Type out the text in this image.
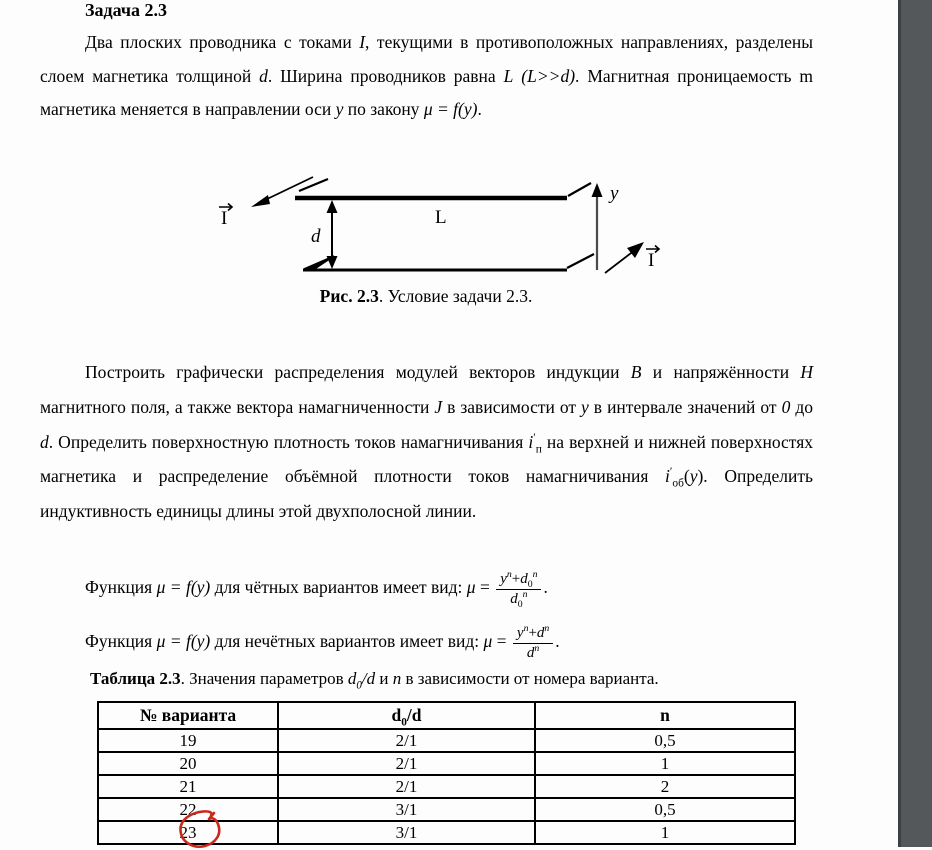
Задача 2.3
Два плоских проводника с токами I, текущими в противоположных направлениях, разделены слоем магнетика толщиной d. Ширина проводников равна L (L>>d). Магнитная проницаемость m магнетика меняется в направлении оси y по закону μ = f(y).
d
L
I
y
I
Рис. 2.3. Условие задачи 2.3.
Построить графически распределения модулей векторов индукции B и напряжённости H магнитного поля, а также вектора намагниченности J в зависимости от y в интервале значений от 0 до d. Определить поверхностную плотность токов намагничивания $i'_п$ на верхней и нижней поверхностях магнетика и распределение объёмной плотности токов намагничивания $i'_{об}(y)$. Определить индуктивность единицы длины этой двухполосной линии.
Функция μ = f(y) для чётных вариантов имеет вид: $\mu = \frac{y^n+d_0^n}{d_0^n}$ .
Функция μ = f(y) для нечётных вариантов имеет вид: $\mu = \frac{y^n+d^n}{d^n}$ .
Таблица 2.3. Значения параметров $d_0/d$ и n в зависимости от номера варианта.
№ варианта	$d_0/d$	n
19	2/1	0,5
20	2/1	1
21	2/1	2
22	3/1	0,5
23	3/1	1
